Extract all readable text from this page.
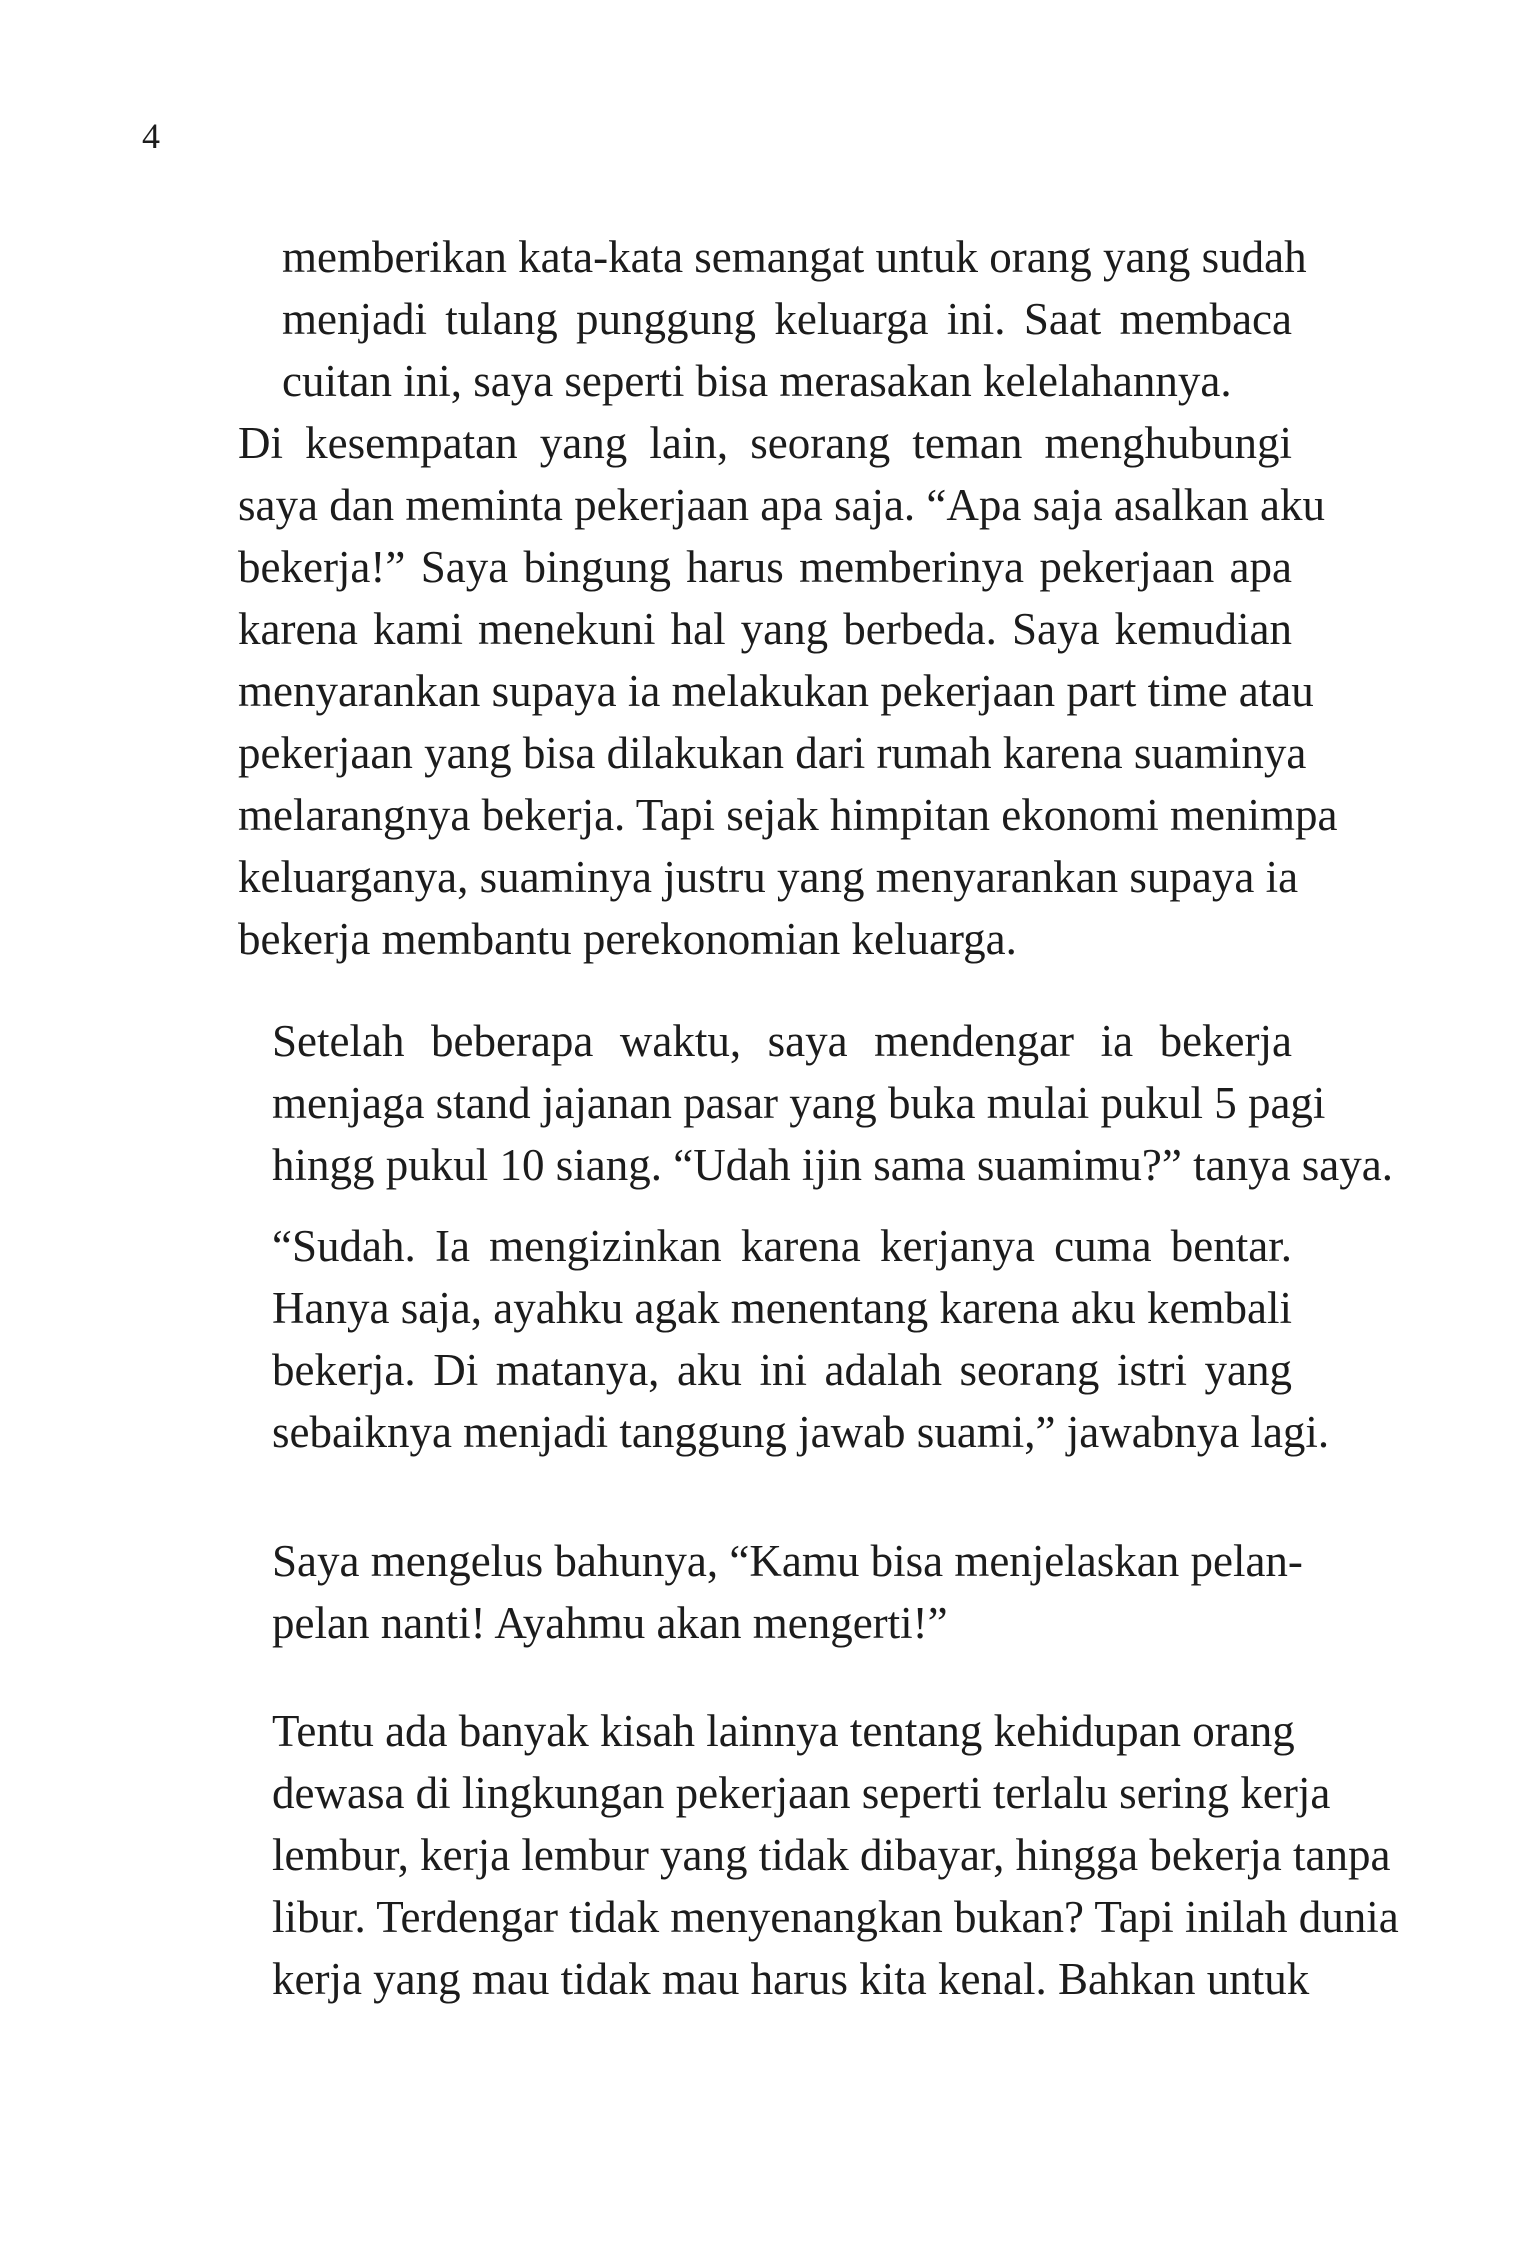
4

memberikan kata-kata semangat untuk orang yang sudah
menjadi tulang punggung keluarga ini. Saat membaca
cuitan ini, saya seperti bisa merasakan kelelahannya.

Di kesempatan yang lain, seorang teman menghubungi
saya dan meminta pekerjaan apa saja. “Apa saja asalkan aku
bekerja!” Saya bingung harus memberinya pekerjaan apa
karena kami menekuni hal yang berbeda. Saya kemudian
menyarankan supaya ia melakukan pekerjaan part time atau
pekerjaan yang bisa dilakukan dari rumah karena suaminya
melarangnya bekerja. Tapi sejak himpitan ekonomi menimpa
keluarganya, suaminya justru yang menyarankan supaya ia
bekerja membantu perekonomian keluarga.

Setelah beberapa waktu, saya mendengar ia bekerja
menjaga stand jajanan pasar yang buka mulai pukul 5 pagi
hingg pukul 10 siang. “Udah ijin sama suamimu?” tanya saya.

“Sudah. Ia mengizinkan karena kerjanya cuma bentar.
Hanya saja, ayahku agak menentang karena aku kembali
bekerja. Di matanya, aku ini adalah seorang istri yang
sebaiknya menjadi tanggung jawab suami,” jawabnya lagi.

Saya mengelus bahunya, “Kamu bisa menjelaskan pelan-
pelan nanti! Ayahmu akan mengerti!”

Tentu ada banyak kisah lainnya tentang kehidupan orang
dewasa di lingkungan pekerjaan seperti terlalu sering kerja
lembur, kerja lembur yang tidak dibayar, hingga bekerja tanpa
libur. Terdengar tidak menyenangkan bukan? Tapi inilah dunia
kerja yang mau tidak mau harus kita kenal. Bahkan untuk
